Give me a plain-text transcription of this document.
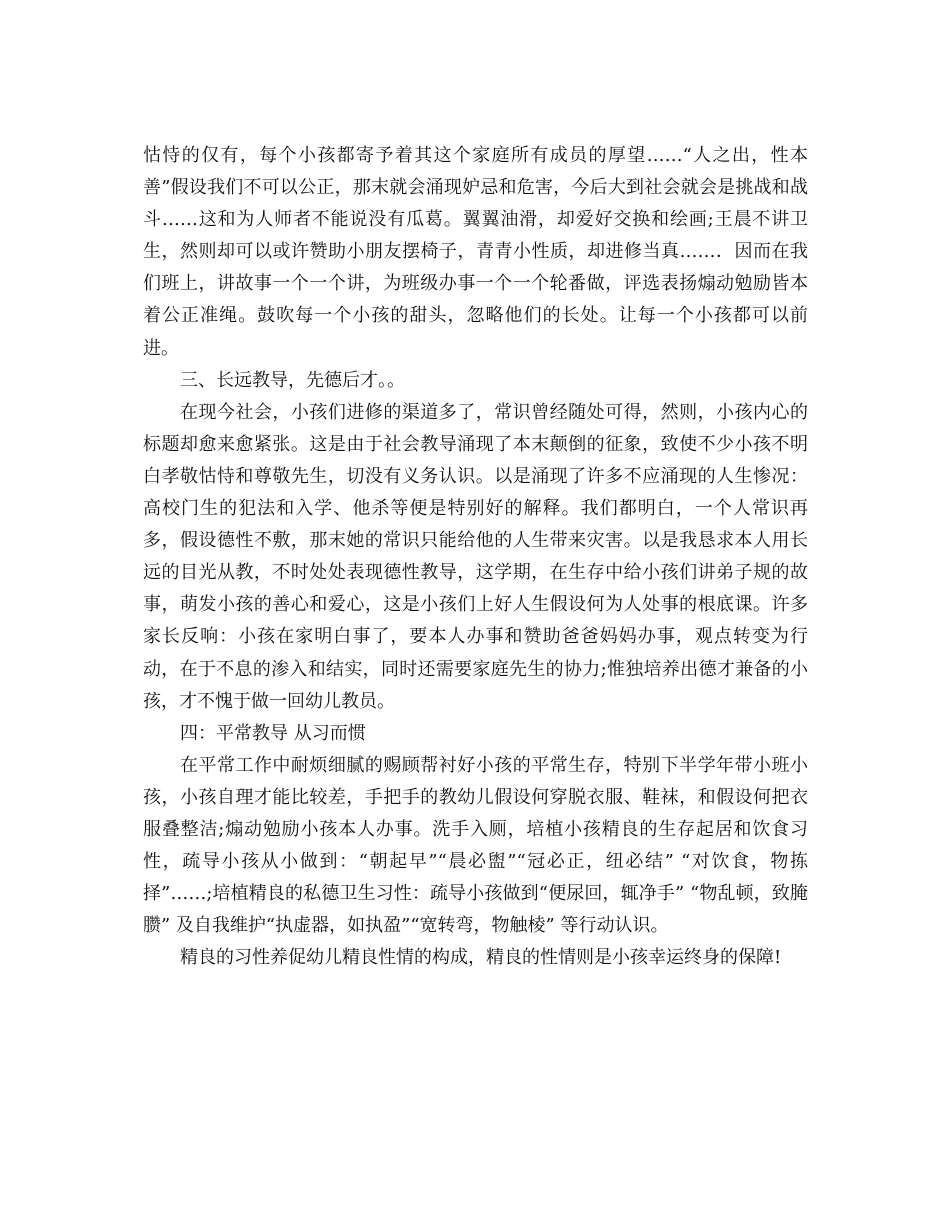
怙恃的仅有，每个小孩都寄予着其这个家庭所有成员的厚望……“人之出，性本善”假设我们不可以公正，那末就会涌现妒忌和危害，今后大到社会就会是挑战和战斗……这和为人师者不能说没有瓜葛。翼翼油滑，却爱好交换和绘画;王晨不讲卫生，然则却可以或许赞助小朋友摆椅子，青青小性质，却进修当真……．因而在我们班上，讲故事一个一个讲，为班级办事一个一个轮番做，评选表扬煽动勉励皆本着公正准绳。鼓吹每一个小孩的甜头，忽略他们的长处。让每一个小孩都可以前进。

三、长远教导，先德后才。。

在现今社会，小孩们进修的渠道多了，常识曾经随处可得，然则，小孩内心的标题却愈来愈紧张。这是由于社会教导涌现了本末颠倒的征象，致使不少小孩不明白孝敬怙恃和尊敬先生，切没有义务认识。以是涌现了许多不应涌现的人生惨况：高校门生的犯法和入学、他杀等便是特别好的解释。我们都明白，一个人常识再多，假设德性不敷，那末她的常识只能给他的人生带来灾害。以是我恳求本人用长远的目光从教，不时处处表现德性教导，这学期，在生存中给小孩们讲弟子规的故事，萌发小孩的善心和爱心，这是小孩们上好人生假设何为人处事的根底课。许多家长反响：小孩在家明白事了，要本人办事和赞助爸爸妈妈办事，观点转变为行动，在于不息的渗入和结实，同时还需要家庭先生的协力;惟独培养出德才兼备的小孩，才不愧于做一回幼儿教员。

四：平常教导 从习而惯

在平常工作中耐烦细腻的赐顾帮衬好小孩的平常生存，特别下半学年带小班小孩，小孩自理才能比较差，手把手的教幼儿假设何穿脱衣服、鞋袜，和假设何把衣服叠整洁;煽动勉励小孩本人办事。洗手入厕，培植小孩精良的生存起居和饮食习性，疏导小孩从小做到：“朝起早”“晨必盥”“冠必正，纽必结” “对饮食，物拣择”……;培植精良的私德卫生习性：疏导小孩做到“便尿回，辄净手” “物乱顿，致腌臜” 及自我维护“执虚器，如执盈”“宽转弯，物触棱” 等行动认识。

精良的习性养促幼儿精良性情的构成，精良的性情则是小孩幸运终身的保障!
